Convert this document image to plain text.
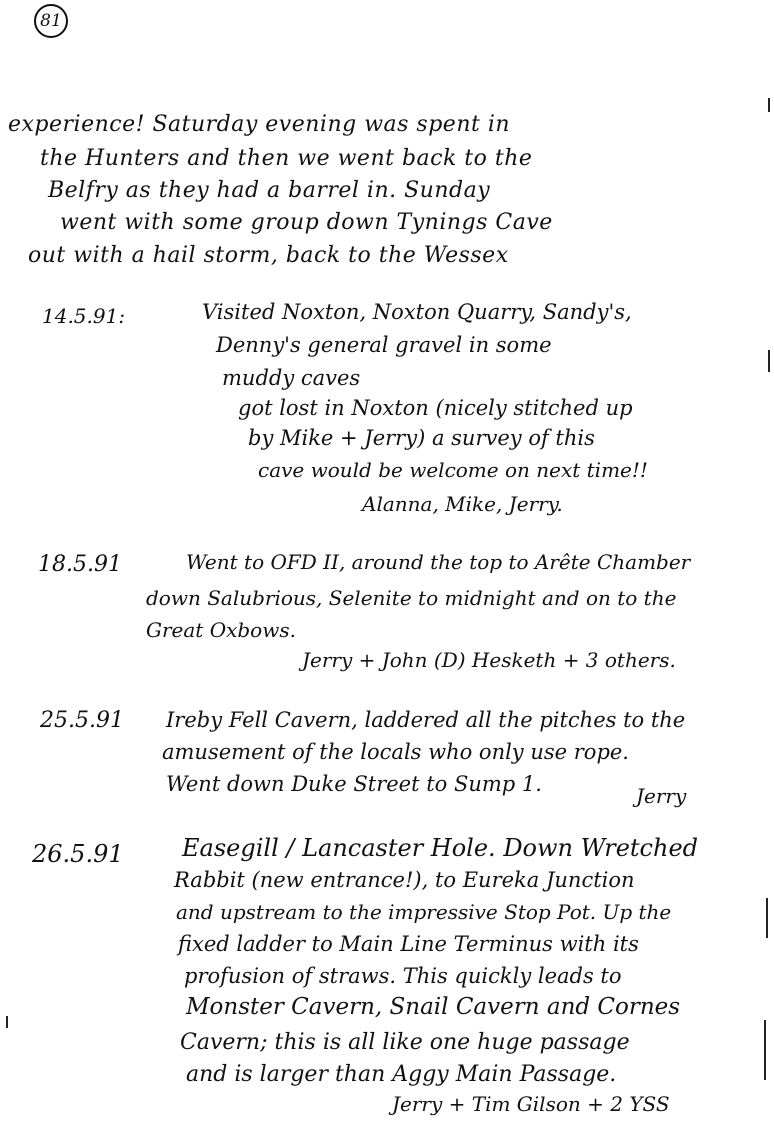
81
experience! Saturday evening was spent in
the Hunters and then we went back to the
Belfry as they had a barrel in. Sunday
went with some group down Tynings Cave
out with a hail storm, back to the Wessex
14.5.91:	Visited Noxton, Noxton Quarry, Sandy's,
Denny's general gravel in some
muddy caves
got lost in Noxton (nicely stitched up
by Mike + Jerry) a survey of this
cave would be welcome on next time!!
Alanna, Mike, Jerry.
18.5.91	Went to OFD II, around the top to Arête Chamber
down Salubrious, Selenite to midnight and on to the
Great Oxbows.
Jerry + John (D) Hesketh + 3 others.
25.5.91 Ireby Fell Cavern, laddered all the pitches to the
amusement of the locals who only use rope.
Went down Duke Street to Sump 1.	Jerry
26.5.91 Easegill / Lancaster Hole. Down Wretched
Rabbit (new entrance!), to Eureka Junction
and upstream to the impressive Stop Pot. Up the
fixed ladder to Main Line Terminus with its
profusion of straws. This quickly leads to
Monster Cavern, Snail Cavern and Cornes
Cavern; this is all like one huge passage
and is larger than Aggy Main Passage.
Jerry + Tim Gilson + 2 YSS
